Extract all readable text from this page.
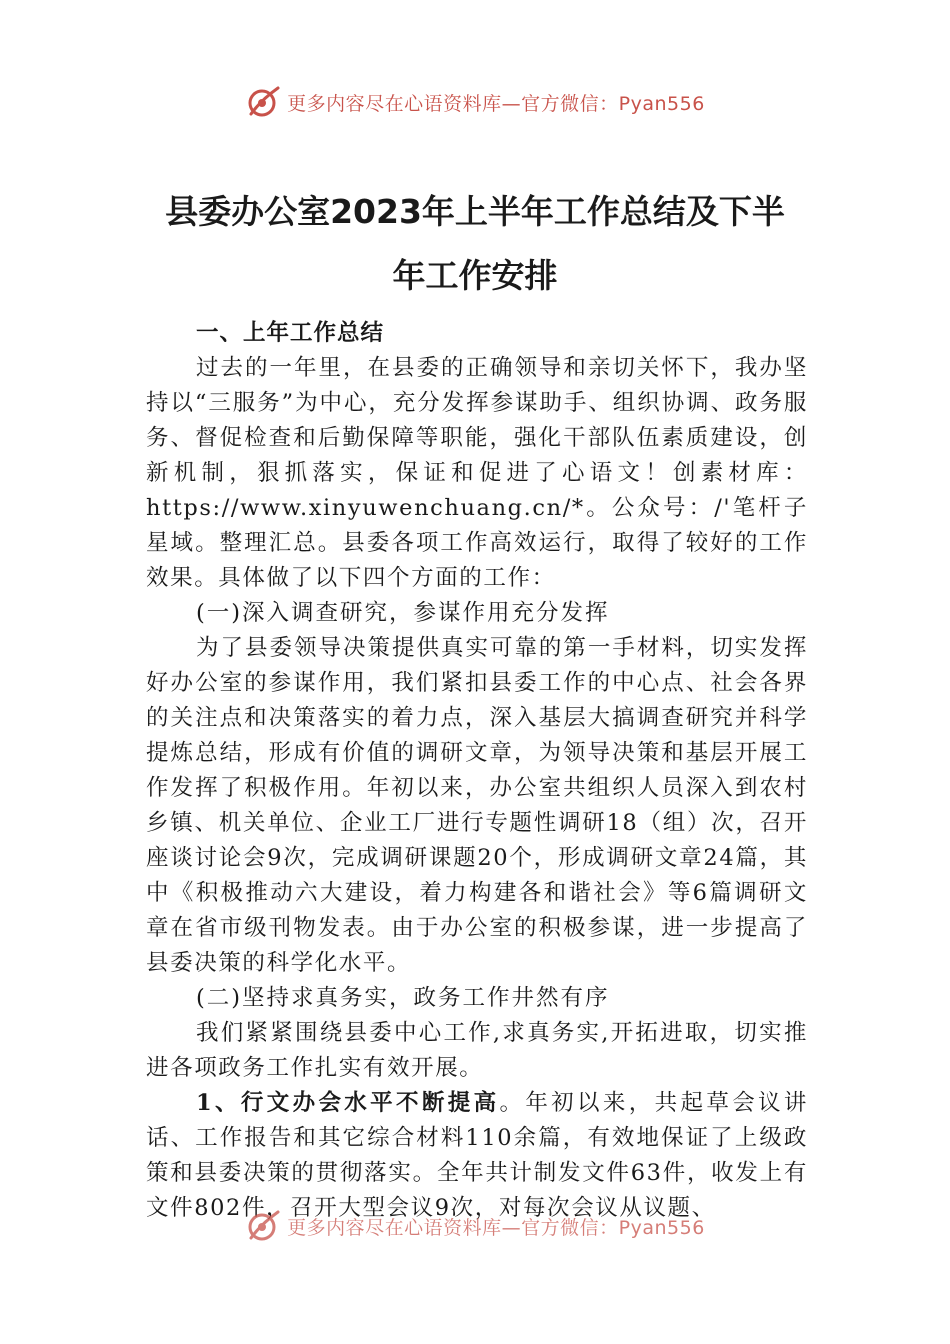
更多内容尽在心语资料库—官方微信：Pyan556
县委办公室2023年上半年工作总结及下半
年工作安排

一、上年工作总结

过去的一年里，在县委的正确领导和亲切关怀下，我办坚持以“三服务”为中心，充分发挥参谋助手、组织协调、政务服务、督促检查和后勤保障等职能，强化干部队伍素质建设，创新机制，狠抓落实，保证和促进了心语文！创素材库：https://www.xinyuwenchuang.cn/*。公众号：/'笔杆子星域。整理汇总。县委各项工作高效运行，取得了较好的工作效果。具体做了以下四个方面的工作：

(一)深入调查研究，参谋作用充分发挥

为了县委领导决策提供真实可靠的第一手材料，切实发挥好办公室的参谋作用，我们紧扣县委工作的中心点、社会各界的关注点和决策落实的着力点，深入基层大搞调查研究并科学提炼总结，形成有价值的调研文章，为领导决策和基层开展工作发挥了积极作用。年初以来，办公室共组织人员深入到农村乡镇、机关单位、企业工厂进行专题性调研18（组）次，召开座谈讨论会9次，完成调研课题20个，形成调研文章24篇，其中《积极推动六大建设，着力构建各和谐社会》等6篇调研文章在省市级刊物发表。由于办公室的积极参谋，进一步提高了县委决策的科学化水平。

(二)坚持求真务实，政务工作井然有序

我们紧紧围绕县委中心工作,求真务实,开拓进取，切实推进各项政务工作扎实有效开展。

1、行文办会水平不断提高。年初以来，共起草会议讲话、工作报告和其它综合材料110余篇，有效地保证了上级政策和县委决策的贯彻落实。全年共计制发文件63件，收发上有文件802件，召开大型会议9次，对每次会议从议题、

更多内容尽在心语资料库—官方微信：Pyan556
